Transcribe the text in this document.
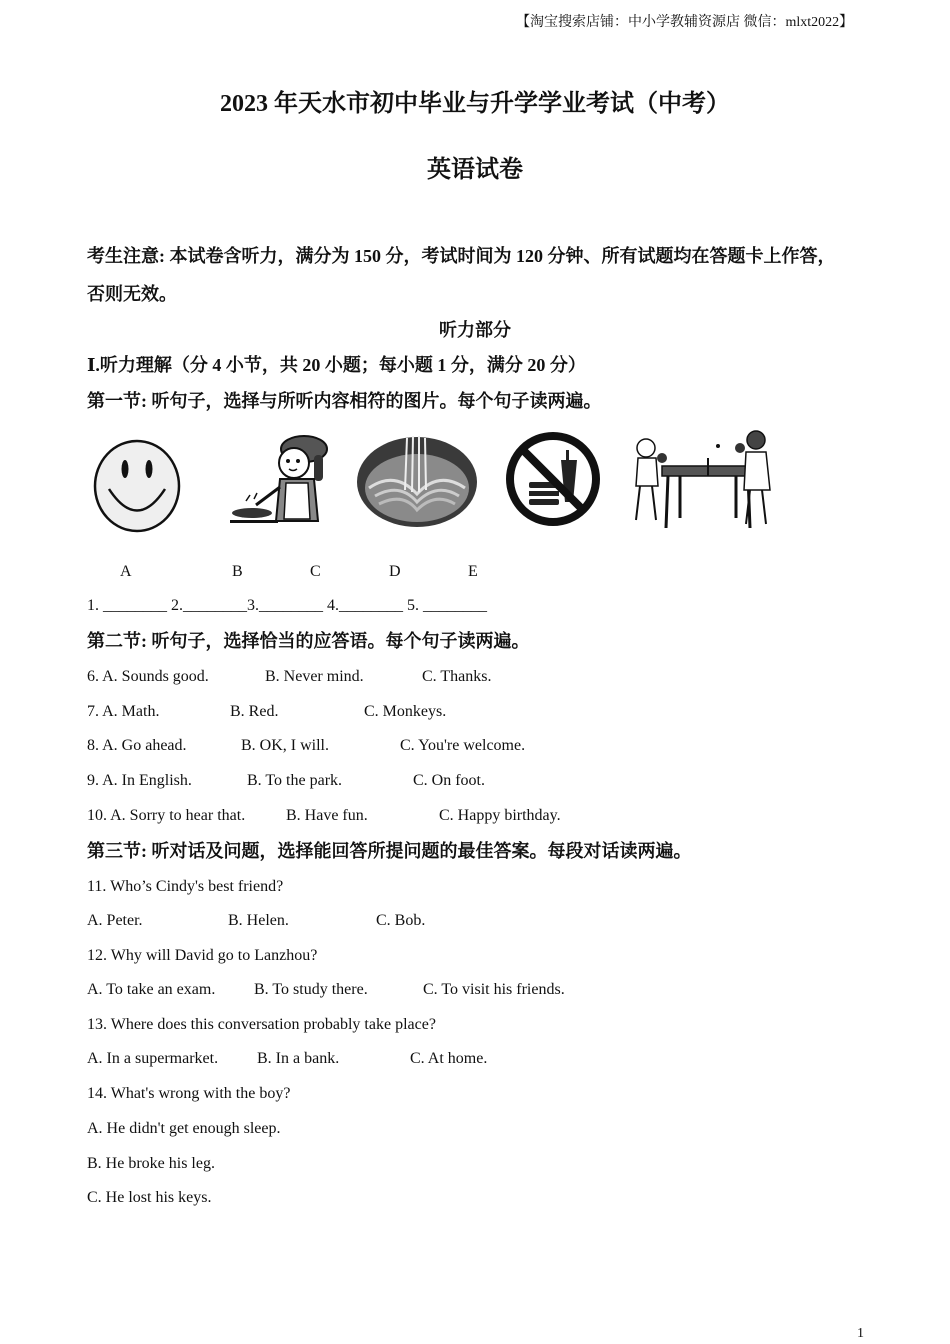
【淘宝搜索店铺：中小学教辅资源店 微信：mlxt2022】
2023 年天水市初中毕业与升学学业考试（中考）
英语试卷
考生注意: 本试卷含听力，满分为 150 分，考试时间为 120 分钟、所有试题均在答题卡上作答，
否则无效。
听力部分
Ⅰ.听力理解（分 4 小节，共 20 小题；每小题 1 分，满分 20 分）
第一节: 听句子，选择与所听内容相符的图片。每个句子读两遍。
A	B	C	D	E
1. ________ 2.________3.________ 4.________ 5. ________
第二节: 听句子，选择恰当的应答语。每个句子读两遍。
6. A. Sounds good.	B. Never mind.	C. Thanks.
7. A. Math.	B. Red.	C. Monkeys.
8. A. Go ahead.	B. OK, I will.	C. You're welcome.
9. A. In English.	B. To the park.	C. On foot.
10. A. Sorry to hear that.	B. Have fun.	C. Happy birthday.
第三节: 听对话及问题，选择能回答所提问题的最佳答案。每段对话读两遍。
11. Who’s Cindy's best friend?
A. Peter.	B. Helen.	C. Bob.
12. Why will David go to Lanzhou?
A. To take an exam. B. To study there.	C. To visit his friends.
13. Where does this conversation probably take place?
A. In a supermarket. B. In a bank.	C. At home.
14. What's wrong with the boy?
A. He didn't get enough sleep.
B. He broke his leg.
C. He lost his keys.
1
